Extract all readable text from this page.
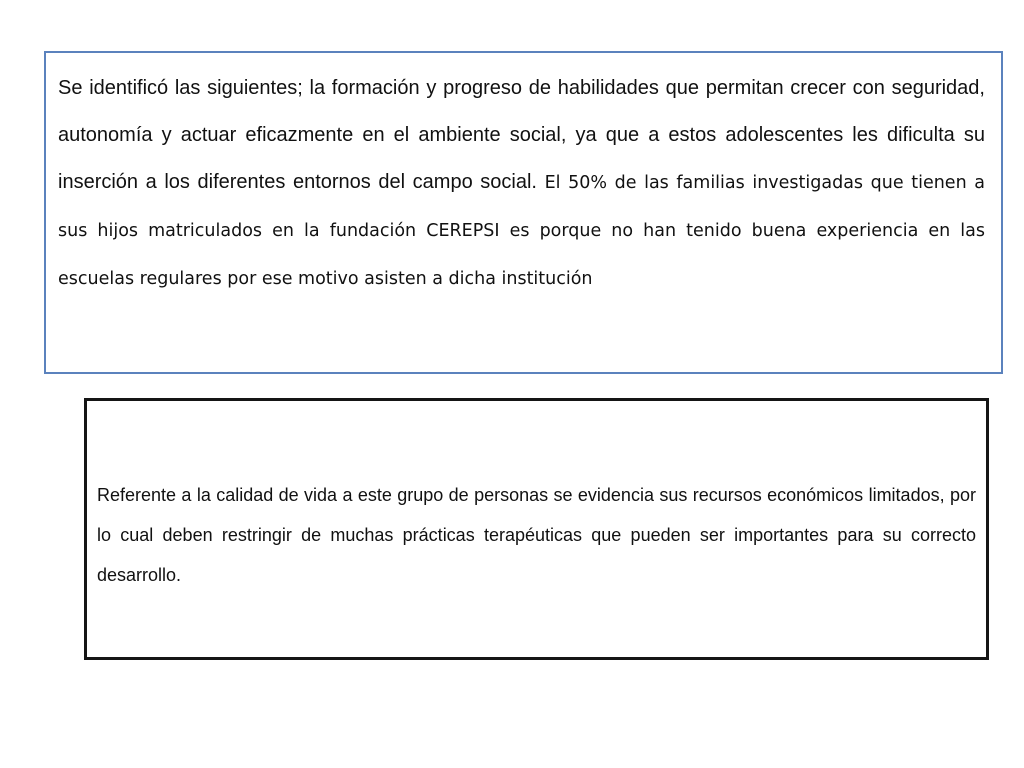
Se identificó las siguientes; la formación y progreso de habilidades que permitan crecer con seguridad, autonomía y actuar eficazmente en el ambiente social, ya que a estos adolescentes les dificulta su inserción a los diferentes entornos del campo social. El 50% de las familias investigadas que tienen a sus hijos matriculados en la fundación CEREPSI es porque no han tenido buena experiencia en las escuelas regulares por ese motivo asisten a dicha institución

Referente a la calidad de vida a este grupo de personas se evidencia sus recursos económicos limitados, por lo cual deben restringir de muchas prácticas terapéuticas que pueden ser importantes para su correcto desarrollo.
